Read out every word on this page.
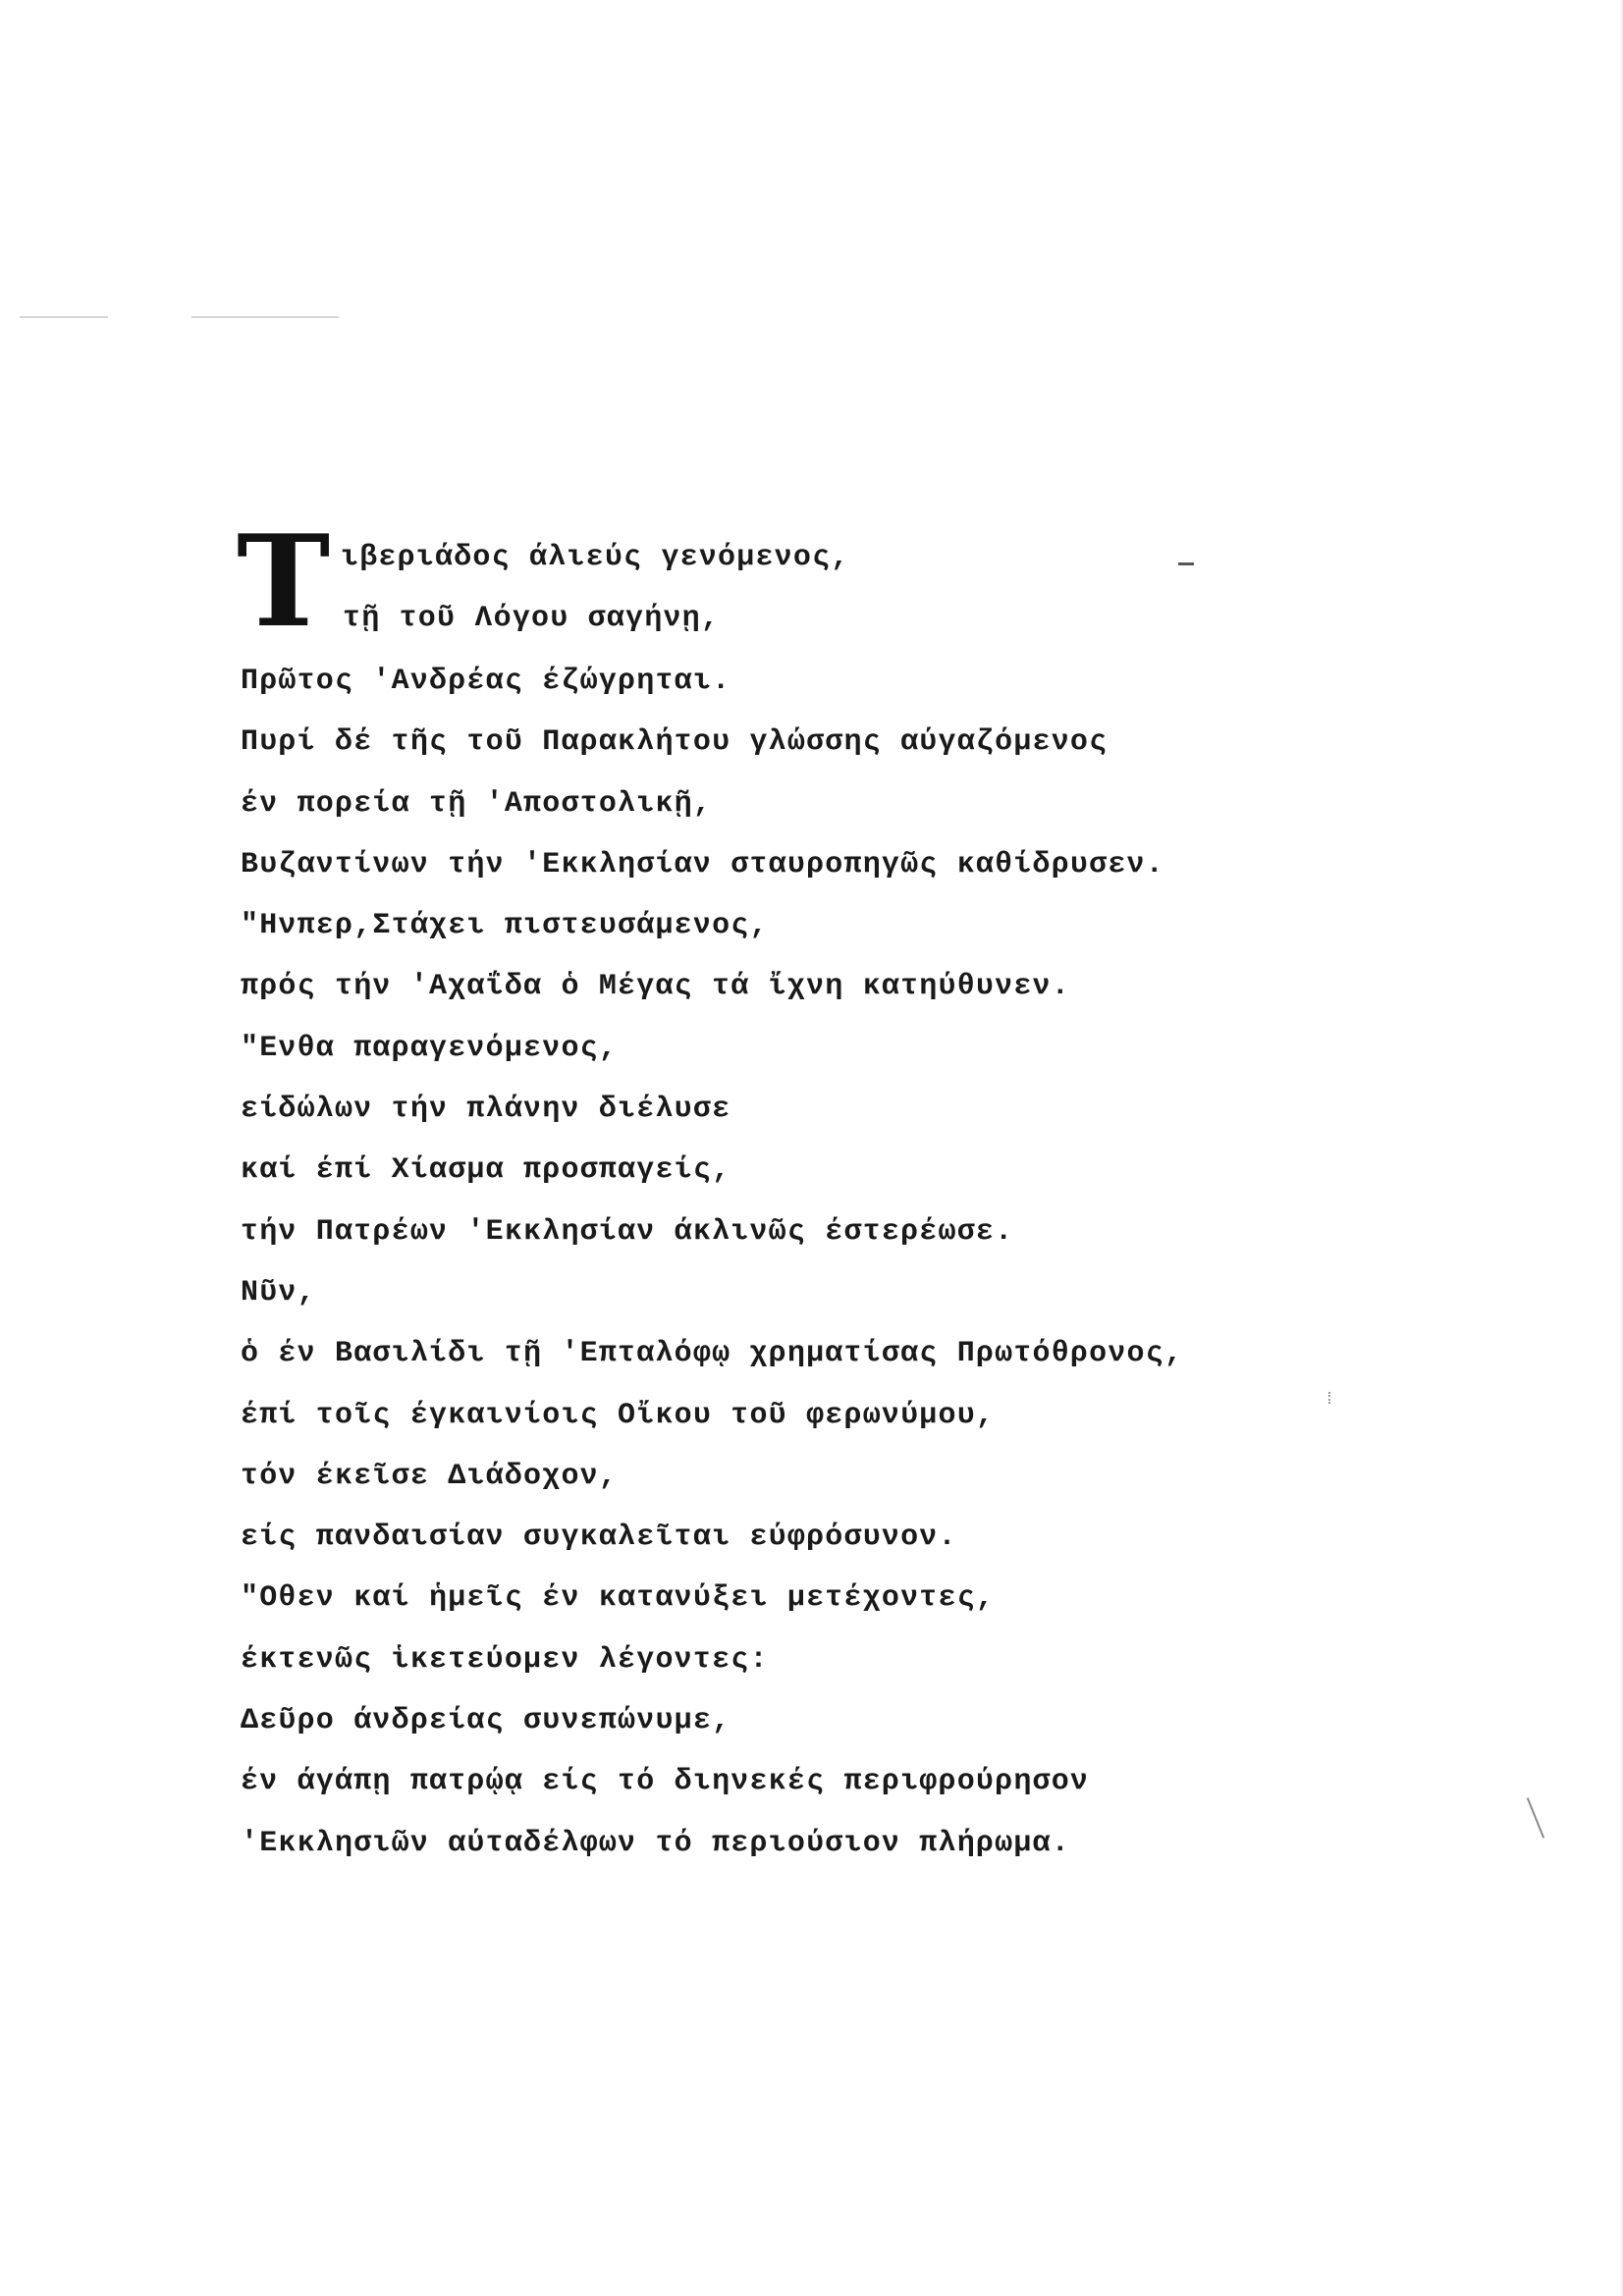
Τ ιβεριάδος άλιεύς γενόμενος,
τῇ τοῦ Λόγου σαγήνῃ,
Πρῶτος 'Ανδρέας έζώγρηται.
Πυρί δέ τῆς τοῦ Παρακλήτου γλώσσης αύγαζόμενος
έν πορεία τῇ 'Αποστολικῇ,
Βυζαντίνων τήν 'Εκκλησίαν σταυροπηγῶς καθίδρυσεν.
"Ηνπερ,Στάχει πιστευσάμενος,
πρός τήν 'Αχαΐδα ὁ Μέγας τά ἴχνη κατηύθυνεν.
"Ενθα παραγενόμενος,
είδώλων τήν πλάνην διέλυσε
καί έπί Χίασμα προσπαγείς,
τήν Πατρέων 'Εκκλησίαν άκλινῶς έστερέωσε.
Νῦν,
ὁ έν Βασιλίδι τῇ 'Επταλόφῳ χρηματίσας Πρωτόθρονος,
έπί τοῖς έγκαινίοις Οἴκου τοῦ φερωνύμου,
τόν έκεῖσε Διάδοχον,
είς πανδαισίαν συγκαλεῖται εύφρόσυνον.
"Οθεν καί ἡμεῖς έν κατανύξει μετέχοντες,
έκτενῶς ἱκετεύομεν λέγοντες:
Δεῦρο άνδρείας συνεπώνυμε,
έν άγάπῃ πατρῴᾳ είς τό διηνεκές περιφρούρησον
'Εκκλησιῶν αύταδέλφων τό περιούσιον πλήρωμα.
